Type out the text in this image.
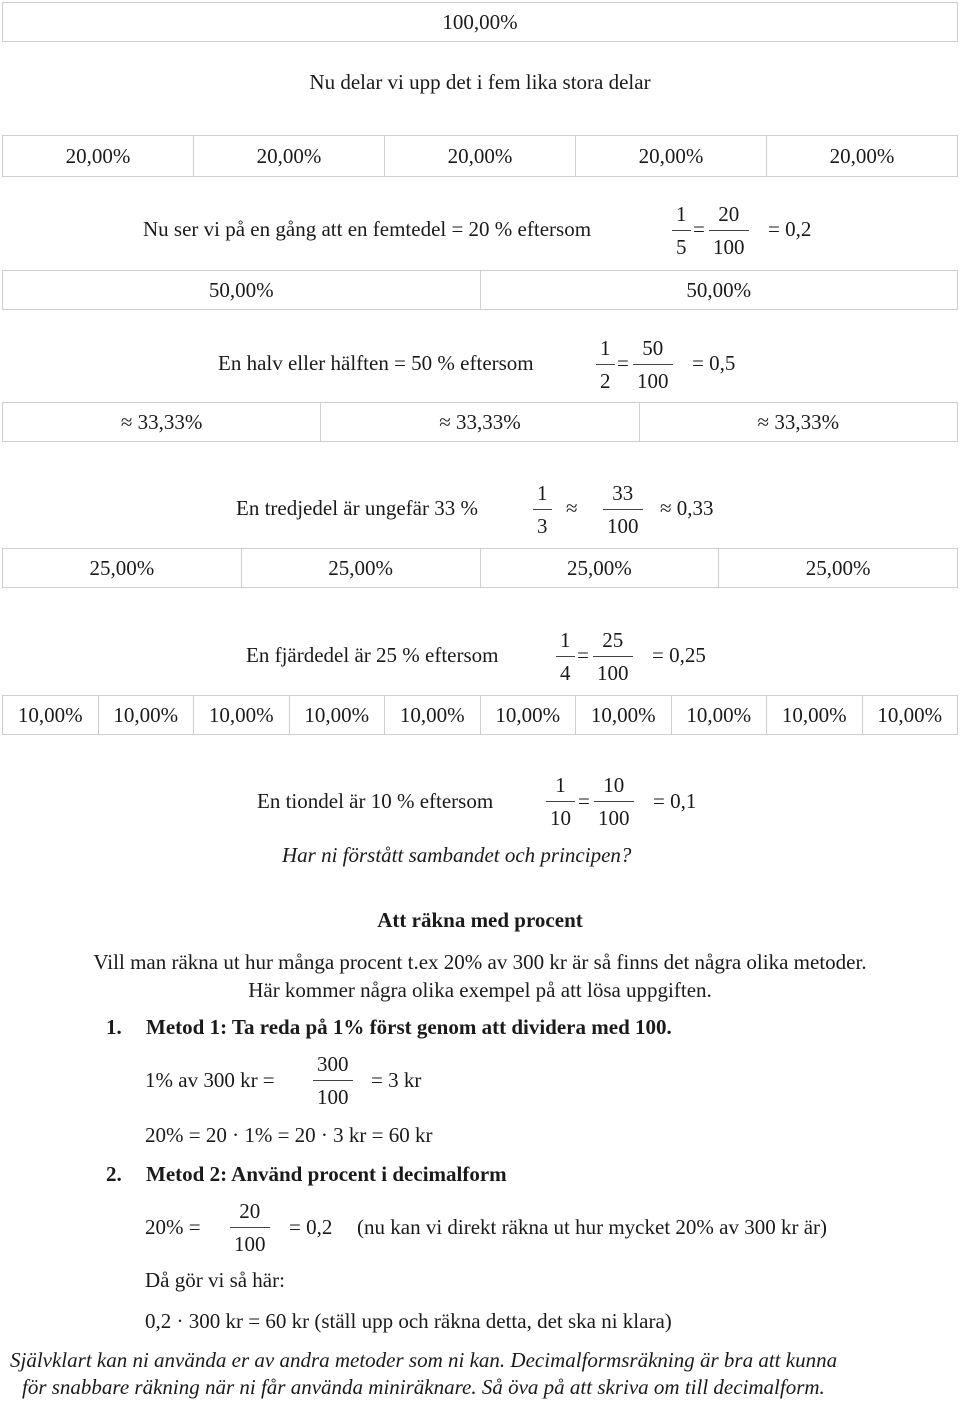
100,00%
Nu delar vi upp det i fem lika stora delar
20,00%	20,00%	20,00%	20,00%	20,00%
Nu ser vi på en gång att en femtedel = 20 % eftersom
1
5
=
20
100
= 0,2
50,00%	50,00%
En halv eller hälften = 50 % eftersom
1
2
=
50
100
= 0,5
≈ 33,33%	≈ 33,33%	≈ 33,33%
En tredjedel är ungefär 33 %
1
3
≈
33
100
≈ 0,33
25,00%	25,00%	25,00%	25,00%
En fjärdedel är 25 % eftersom
1
4
=
25
100
= 0,25
10,00%	10,00%	10,00%	10,00%	10,00%	10,00%	10,00%	10,00%	10,00%	10,00%
En tiondel är 10 % eftersom
1
10
=
10
100
= 0,1
Har ni förstått sambandet och principen?
Att räkna med procent
Vill man räkna ut hur många procent t.ex 20% av 300 kr är så finns det några olika metoder.
Här kommer några olika exempel på att lösa uppgiften.
1. Metod 1: Ta reda på 1% först genom att dividera med 100.
1% av 300 kr =
300
100
= 3 kr
20% = 20 · 1% = 20 · 3 kr = 60 kr
2. Metod 2: Använd procent i decimalform
20% =
20
100
= 0,2 (nu kan vi direkt räkna ut hur mycket 20% av 300 kr är)
Då gör vi så här:
0,2 · 300 kr = 60 kr (ställ upp och räkna detta, det ska ni klara)
Självklart kan ni använda er av andra metoder som ni kan. Decimalformsräkning är bra att kunna
för snabbare räkning när ni får använda miniräknare. Så öva på att skriva om till decimalform.
